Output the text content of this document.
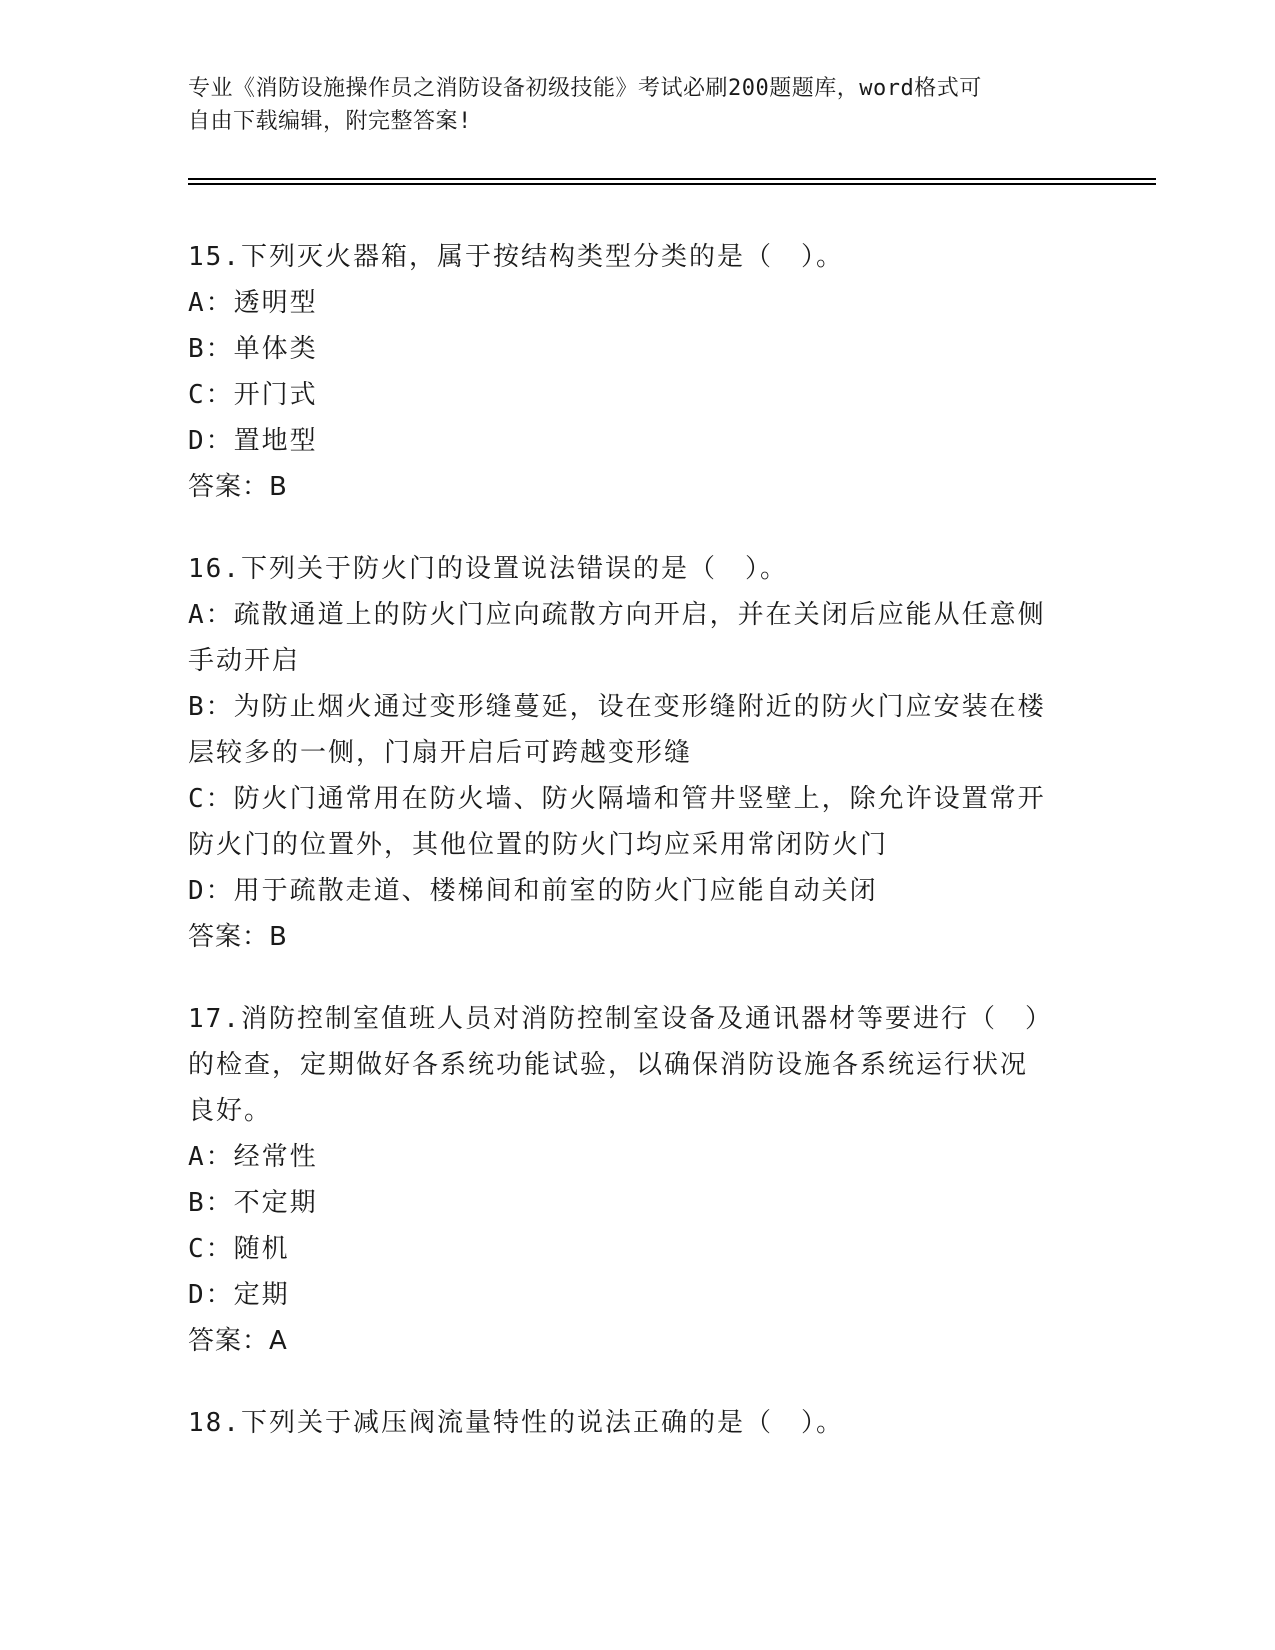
专业《消防设施操作员之消防设备初级技能》考试必刷200题题库，word格式可
自由下载编辑，附完整答案!
15.下列灭火器箱，属于按结构类型分类的是（　）。
A：透明型
B：单体类
C：开门式
D：置地型
答案：B
16.下列关于防火门的设置说法错误的是（　）。
A：疏散通道上的防火门应向疏散方向开启，并在关闭后应能从任意侧
手动开启
B：为防止烟火通过变形缝蔓延，设在变形缝附近的防火门应安装在楼
层较多的一侧，门扇开启后可跨越变形缝
C：防火门通常用在防火墙、防火隔墙和管井竖壁上，除允许设置常开
防火门的位置外，其他位置的防火门均应采用常闭防火门
D：用于疏散走道、楼梯间和前室的防火门应能自动关闭
答案：B
17.消防控制室值班人员对消防控制室设备及通讯器材等要进行（　）
的检查，定期做好各系统功能试验，以确保消防设施各系统运行状况
良好。
A：经常性
B：不定期
C：随机
D：定期
答案：A
18.下列关于减压阀流量特性的说法正确的是（　）。
